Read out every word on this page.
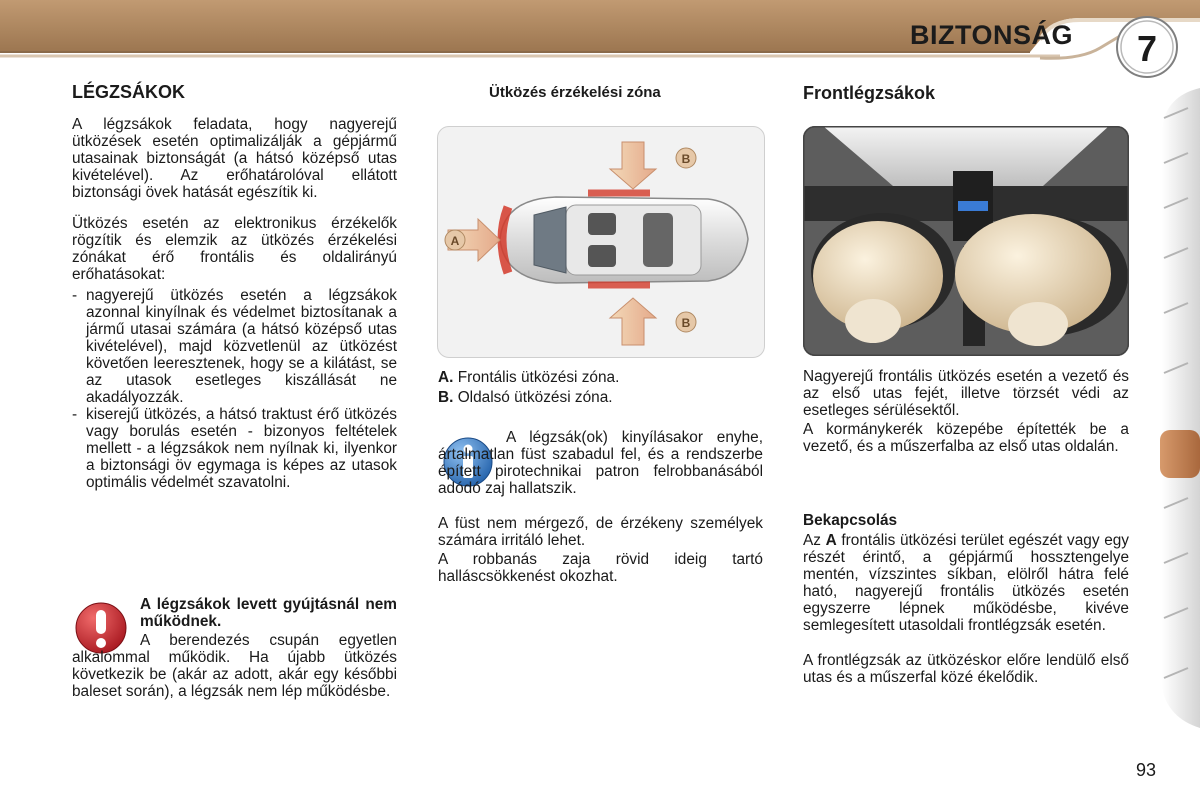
BIZTONSÁG	7
LÉGZSÁKOK

A légzsákok feladata, hogy nagyerejű ütközések esetén optimalizálják a gépjármű utasainak biztonságát (a hátsó középső utas kivételével). Az erőhatárolóval ellátott biztonsági övek hatását egészítik ki.

Ütközés esetén az elektronikus érzékelők rögzítik és elemzik az ütközés érzékelési zónákat érő frontális és oldalirányú erőhatásokat:

- nagyerejű ütközés esetén a légzsákok azonnal kinyílnak és védelmet biztosítanak a jármű utasai számára (a hátsó középső utas kivételével), majd közvetlenül az ütközést követően leeresztenek, hogy se a kilátást, se az utasok esetleges kiszállását ne akadályozzák.
- kiserejű ütközés, a hátsó traktust érő ütközés vagy borulás esetén - bizonyos feltételek mellett - a légzsákok nem nyílnak ki, ilyenkor a biztonsági öv egymaga is képes az utasok optimális védelmét szavatolni.
A légzsákok levett gyújtásnál nem működnek.
A berendezés csupán egyetlen alkalommal működik. Ha újabb ütközés következik be (akár az adott, akár egy későbbi baleset során), a légzsák nem lép működésbe.
Ütközés érzékelési zóna
A
B
B
A. Frontális ütközési zóna.
B. Oldalsó ütközési zóna.
A légzsák(ok) kinyílásakor enyhe, ártalmatlan füst szabadul fel, és a rendszerbe épített pirotechnikai patron felrobbanásából adódó zaj hallatszik.
A füst nem mérgező, de érzékeny személyek számára irritáló lehet.
A robbanás zaja rövid ideig tartó halláscsökkenést okozhat.
Frontlégzsákok

Nagyerejű frontális ütközés esetén a vezető és az első utas fejét, illetve törzsét védi az esetleges sérülésektől.

A kormánykerék közepébe építették be a vezető, és a műszerfalba az első utas oldalán.

Bekapcsolás
Az A frontális ütközési terület egészét vagy egy részét érintő, a gépjármű hossztengelye mentén, vízszintes síkban, elölről hátra felé ható, nagyerejű frontális ütközés esetén egyszerre lépnek működésbe, kivéve semlegesített utasoldali frontlégzsák esetén.

A frontlégzsák az ütközéskor előre lendülő első utas és a műszerfal közé ékelődik.

93
